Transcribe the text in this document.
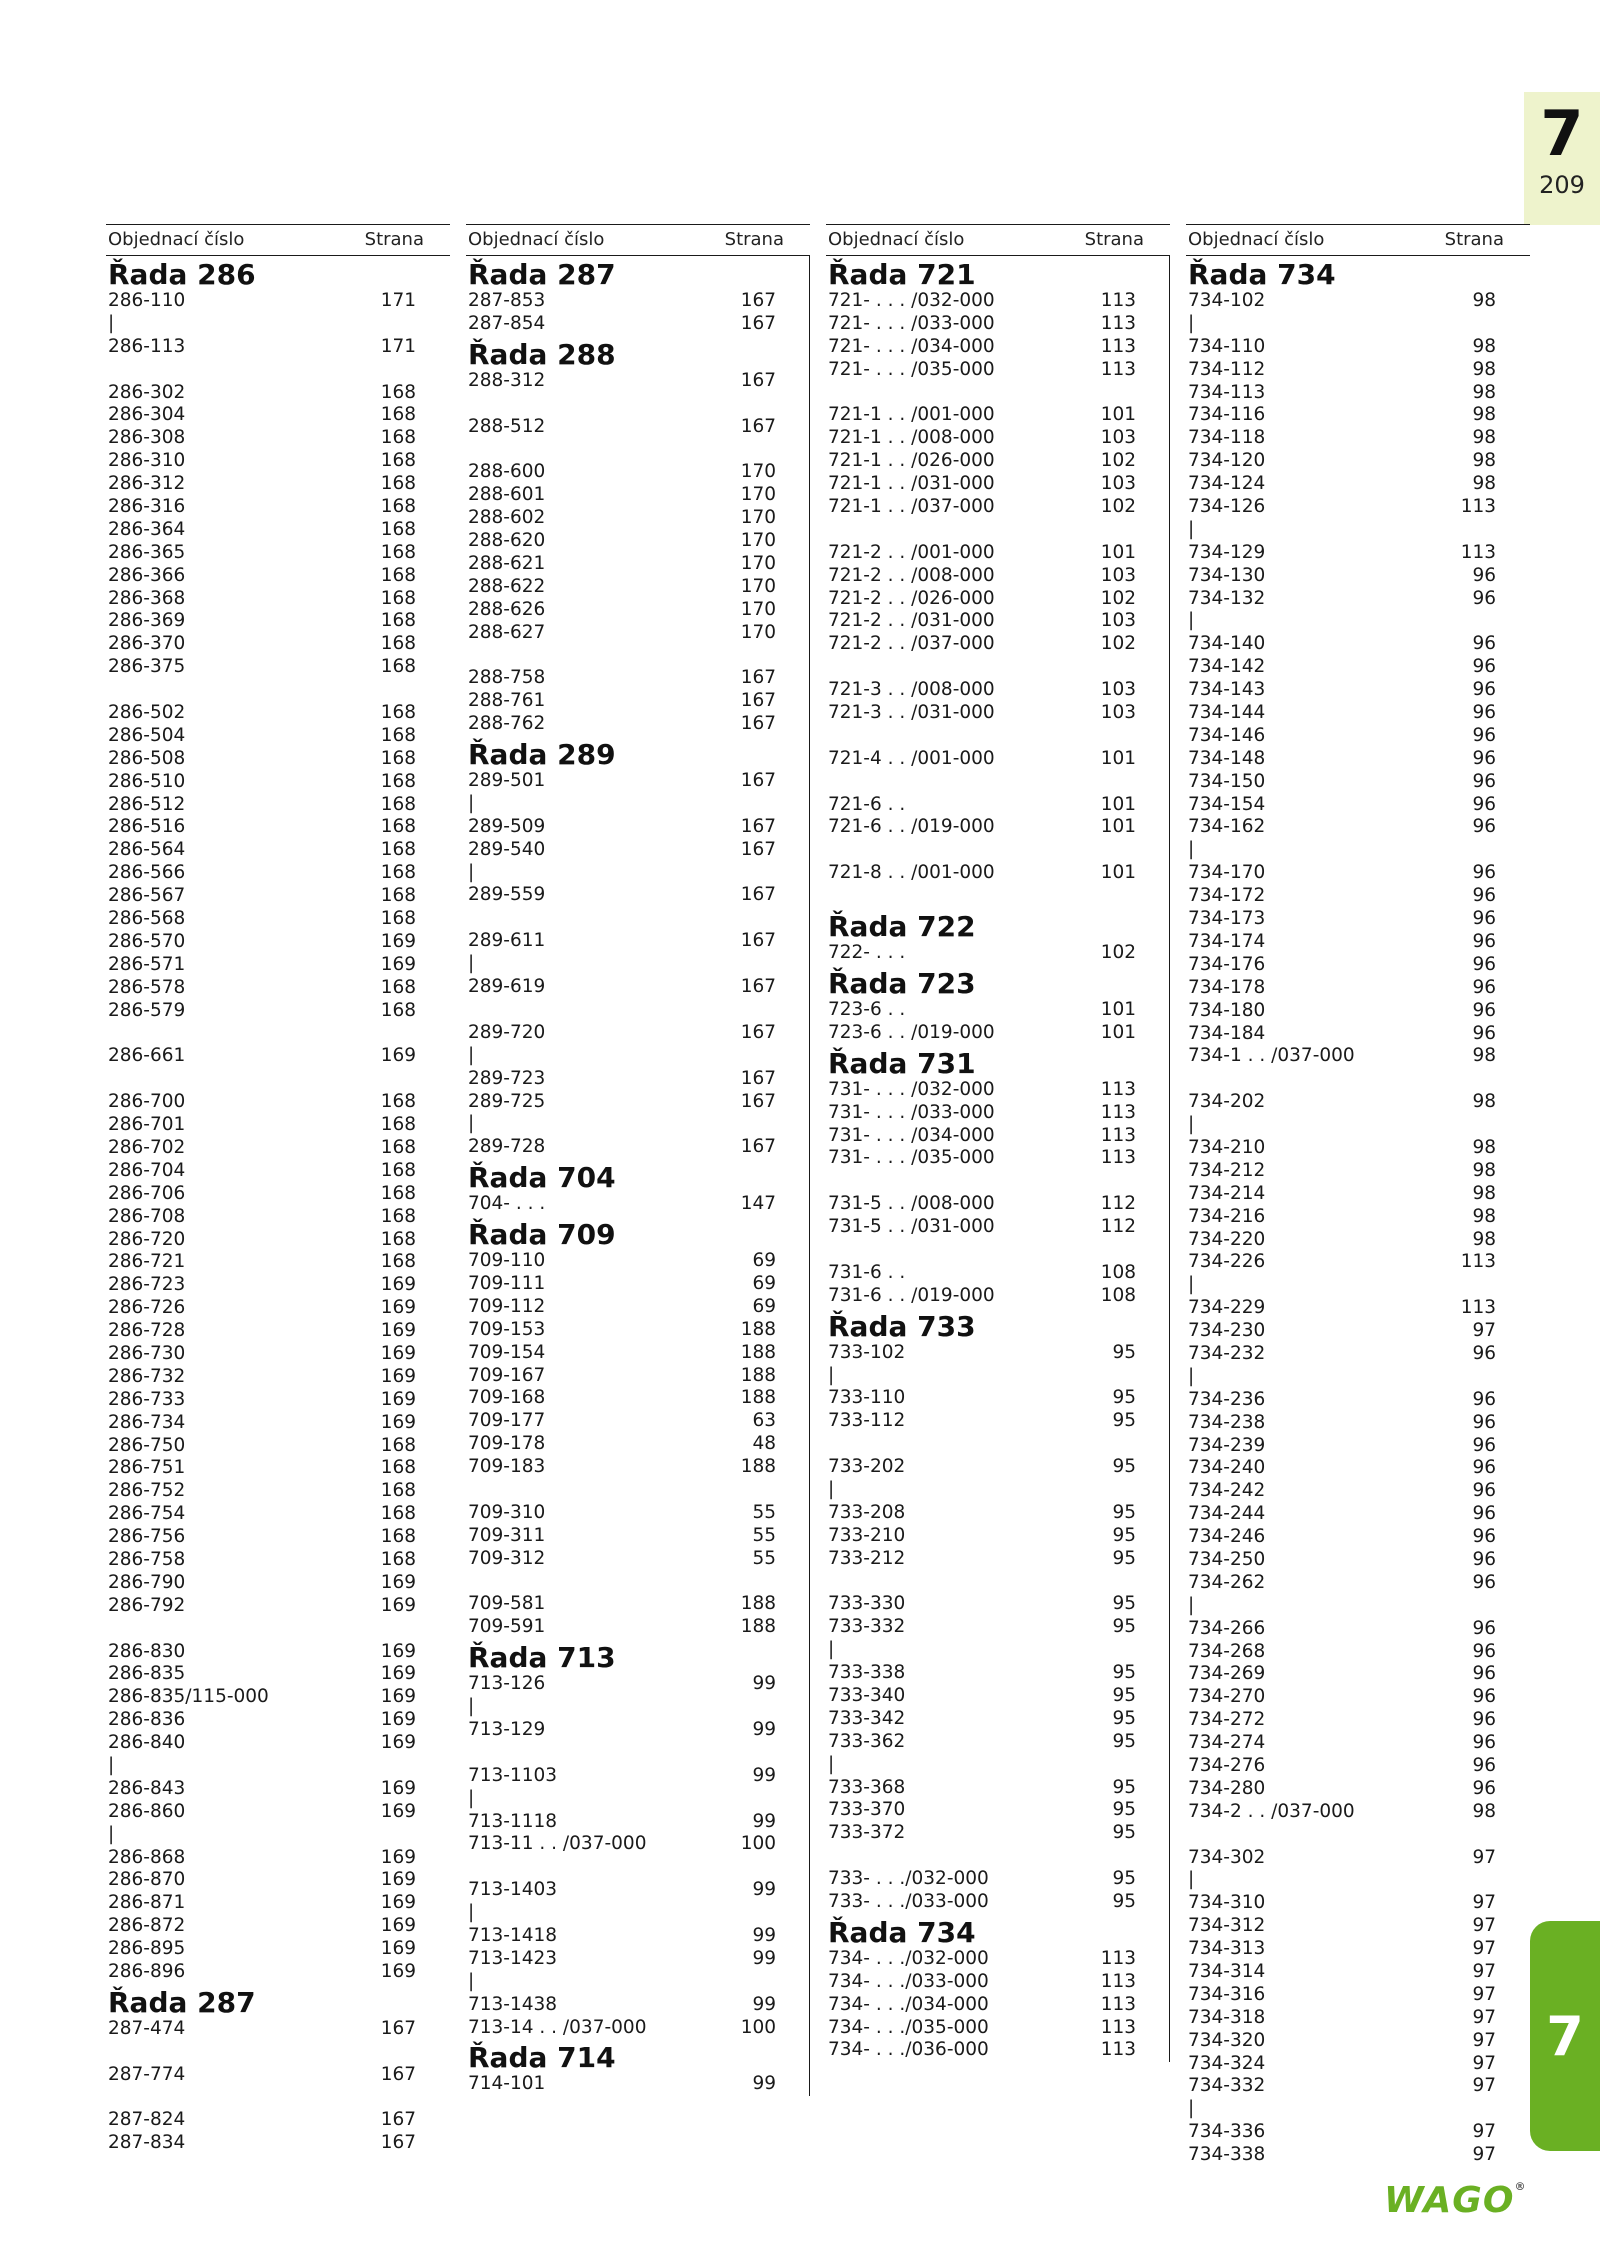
7
209
7
WAGO®
Objednací číslo	Strana
Řada 286
286-110	171
|
286-113	171
286-302	168
286-304	168
286-308	168
286-310	168
286-312	168
286-316	168
286-364	168
286-365	168
286-366	168
286-368	168
286-369	168
286-370	168
286-375	168
286-502	168
286-504	168
286-508	168
286-510	168
286-512	168
286-516	168
286-564	168
286-566	168
286-567	168
286-568	168
286-570	169
286-571	169
286-578	168
286-579	168
286-661	169
286-700	168
286-701	168
286-702	168
286-704	168
286-706	168
286-708	168
286-720	168
286-721	168
286-723	169
286-726	169
286-728	169
286-730	169
286-732	169
286-733	169
286-734	169
286-750	168
286-751	168
286-752	168
286-754	168
286-756	168
286-758	168
286-790	169
286-792	169
286-830	169
286-835	169
286-835/115-000	169
286-836	169
286-840	169
|
286-843	169
286-860	169
|
286-868	169
286-870	169
286-871	169
286-872	169
286-895	169
286-896	169
Řada 287
287-474	167
287-774	167
287-824	167
287-834	167
Objednací číslo	Strana
Řada 287
287-853	167
287-854	167
Řada 288
288-312	167
288-512	167
288-600	170
288-601	170
288-602	170
288-620	170
288-621	170
288-622	170
288-626	170
288-627	170
288-758	167
288-761	167
288-762	167
Řada 289
289-501	167
|
289-509	167
289-540	167
|
289-559	167
289-611	167
|
289-619	167
289-720	167
|
289-723	167
289-725	167
|
289-728	167
Řada 704
704- . . .	147
Řada 709
709-110	69
709-111	69
709-112	69
709-153	188
709-154	188
709-167	188
709-168	188
709-177	63
709-178	48
709-183	188
709-310	55
709-311	55
709-312	55
709-581	188
709-591	188
Řada 713
713-126	99
|
713-129	99
713-1103	99
|
713-1118	99
713-11 . . /037-000	100
713-1403	99
|
713-1418	99
713-1423	99
|
713-1438	99
713-14 . . /037-000	100
Řada 714
714-101	99
Objednací číslo	Strana
Řada 721
721- . . . /032-000	113
721- . . . /033-000	113
721- . . . /034-000	113
721- . . . /035-000	113
721-1 . . /001-000	101
721-1 . . /008-000	103
721-1 . . /026-000	102
721-1 . . /031-000	103
721-1 . . /037-000	102
721-2 . . /001-000	101
721-2 . . /008-000	103
721-2 . . /026-000	102
721-2 . . /031-000	103
721-2 . . /037-000	102
721-3 . . /008-000	103
721-3 . . /031-000	103
721-4 . . /001-000	101
721-6 . .	101
721-6 . . /019-000	101
721-8 . . /001-000	101
Řada 722
722- . . .	102
Řada 723
723-6 . .	101
723-6 . . /019-000	101
Řada 731
731- . . . /032-000	113
731- . . . /033-000	113
731- . . . /034-000	113
731- . . . /035-000	113
731-5 . . /008-000	112
731-5 . . /031-000	112
731-6 . .	108
731-6 . . /019-000	108
Řada 733
733-102	95
|
733-110	95
733-112	95
733-202	95
|
733-208	95
733-210	95
733-212	95
733-330	95
733-332	95
|
733-338	95
733-340	95
733-342	95
733-362	95
|
733-368	95
733-370	95
733-372	95
733- . . ./032-000	95
733- . . ./033-000	95
Řada 734
734- . . ./032-000	113
734- . . ./033-000	113
734- . . ./034-000	113
734- . . ./035-000	113
734- . . ./036-000	113
Objednací číslo	Strana
Řada 734
734-102	98
|
734-110	98
734-112	98
734-113	98
734-116	98
734-118	98
734-120	98
734-124	98
734-126	113
|
734-129	113
734-130	96
734-132	96
|
734-140	96
734-142	96
734-143	96
734-144	96
734-146	96
734-148	96
734-150	96
734-154	96
734-162	96
|
734-170	96
734-172	96
734-173	96
734-174	96
734-176	96
734-178	96
734-180	96
734-184	96
734-1 . . /037-000	98
734-202	98
|
734-210	98
734-212	98
734-214	98
734-216	98
734-220	98
734-226	113
|
734-229	113
734-230	97
734-232	96
|
734-236	96
734-238	96
734-239	96
734-240	96
734-242	96
734-244	96
734-246	96
734-250	96
734-262	96
|
734-266	96
734-268	96
734-269	96
734-270	96
734-272	96
734-274	96
734-276	96
734-280	96
734-2 . . /037-000	98
734-302	97
|
734-310	97
734-312	97
734-313	97
734-314	97
734-316	97
734-318	97
734-320	97
734-324	97
734-332	97
|
734-336	97
734-338	97
